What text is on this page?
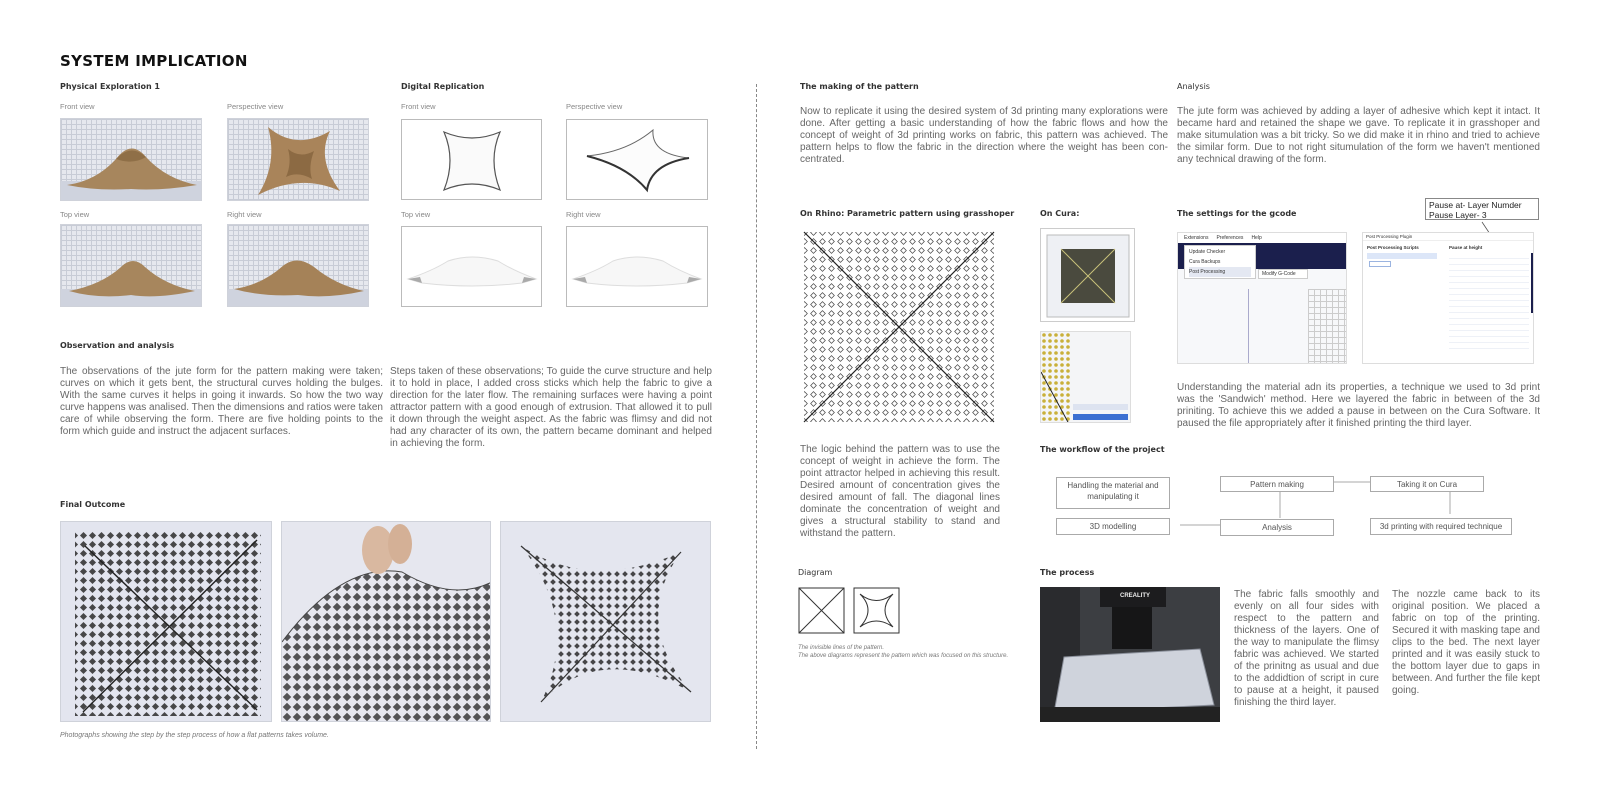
SYSTEM IMPLICATION
Physical Exploration 1
Front view	Perspective view
Top view	Right view
Digital Replication
Front view	Perspective view
Top view	Right view
Observation and analysis
The observations of the jute form for the pattern making were taken; curves on which it gets bent, the structural curves holding the bulges. With the same curves it helps in going it inwards. So how the two way curve happens was analised. Then the dimensions and ratios were taken care of while observing the form. There are five holding points to the form which guide and instruct the adjacent surfaces.
Steps taken of these observations; To guide the curve structure and help it to hold in place, I added cross sticks which help the fabric to give a direction for the later flow. The remaining surfaces were having a point attractor pattern with a good enough of extrusion. That allowed it to pull it down through the weight aspect. As the fabric was flimsy and did not had any character of its own, the pattern became dominant and helped in achieving the form.
Final Outcome
Photographs showing the step by the step process of how a flat patterns takes volume.
The making of the pattern
Now to replicate it using the desired system of 3d printing many explorations were done. After getting a basic understanding of how the fabric flows and how the concept of weight of 3d printing works on fabric, this pattern was achieved. The pattern helps to flow the fabric in the direction where the weight has been con-centrated.
Analysis
The jute form was achieved by adding a layer of adhesive which kept it intact. It became hard and retained the shape we gave. To replicate it in grasshoper and make situmulation was a bit tricky. So we did make it in rhino and tried to achieve the similar form. Due to not right situmulation of the form we haven't mentioned any technical drawing of the form.
On Rhino: Parametric pattern using grasshoper
The logic behind the pattern was to use the concept of weight in achieve the form. The point attractor helped in achieving this result. Desired amount of concentration gives the desired amount of fall. The diagonal lines dominate the concentration of weight and gives a structural stability to stand and withstand the pattern.
On Cura:	The settings for the gcode
Pause at- Layer Numder
Pause Layer- 3
Extensions Preferences Help
Update Checker
Cura Backups
Post Processing	Modify G-Code
Post Processing Plugin
Post Processing Scripts	Pause at height
Understanding the material adn its properties, a technique we used to 3d print was the 'Sandwich' method. Here we layered the fabric in between of the 3d priniting. To achieve this we added a pause in between on the Cura Software. It paused the file appropriately after it finished printing the third layer.
The workflow of the project
Handling the material and manipulating it
Pattern making	Taking it on Cura
3D modelling	Analysis	3d printing with required technique
Diagram
The invisible lines of the pattern.
The above diagrams represent the pattern which was focused on this structure.
The process
CREALITY	The fabric falls smoothly and evenly on all four sides with respect to the pattern and thickness of the layers. One of the way to manipulate the flimsy fabric was achieved. We started of the prinitng as usual and due to the addidtion of script in cure to pause at a height, it paused finishing the third layer.
The nozzle came back to its original position. We placed a fabric on top of the printing. Secured it with masking tape and clips to the bed. The next layer printed and it was easily stuck to the bottom layer due to gaps in between. And further the file kept going.
